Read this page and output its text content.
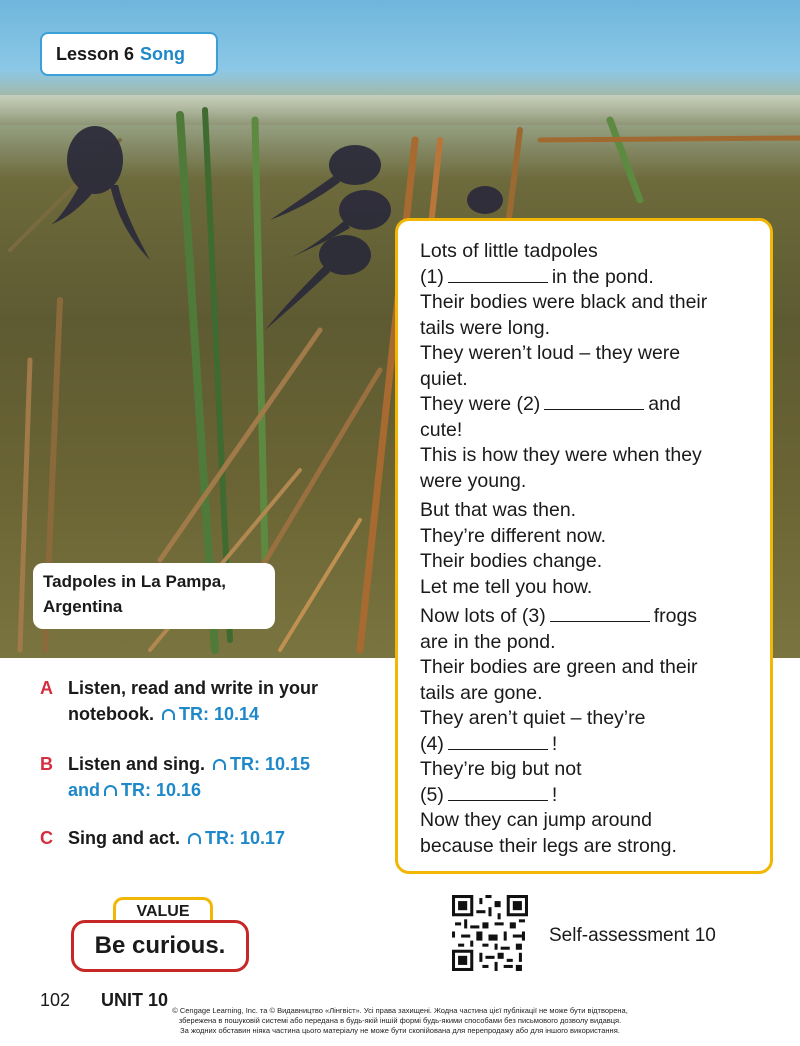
Lesson 6 Song
Tadpoles in La Pampa,
Argentina
Lots of little tadpoles
(1)	in the pond.
Their bodies were black and their
tails were long.
They weren’t loud – they were
quiet.
They were (2)	and
cute!
This is how they were when they
were young.
But that was then.
They’re different now.
Their bodies change.
Let me tell you how.
Now lots of (3)	frogs
are in the pond.
Their bodies are green and their
tails are gone.
They aren’t quiet – they’re
(4)	!
They’re big but not
(5)	!
Now they can jump around
because their legs are strong.
A Listen, read and write in your
notebook. TR: 10.14
B Listen and sing. TR: 10.15
and TR: 10.16
C Sing and act. TR: 10.17
VALUE
Be curious.	Self-assessment 10
102 UNIT 10
© Cengage Learning, Inc. та © Видавництво «Лінгвіст». Усі права захищені. Жодна частина цієї публікації не може бути відтворена,
збережена в пошуковій системі або передана в будь-якій іншій формі будь-якими способами без письмового дозволу видавця.
За жодних обставин ніяка частина цього матеріалу не може бути скопійована для перепродажу або для іншого використання.
